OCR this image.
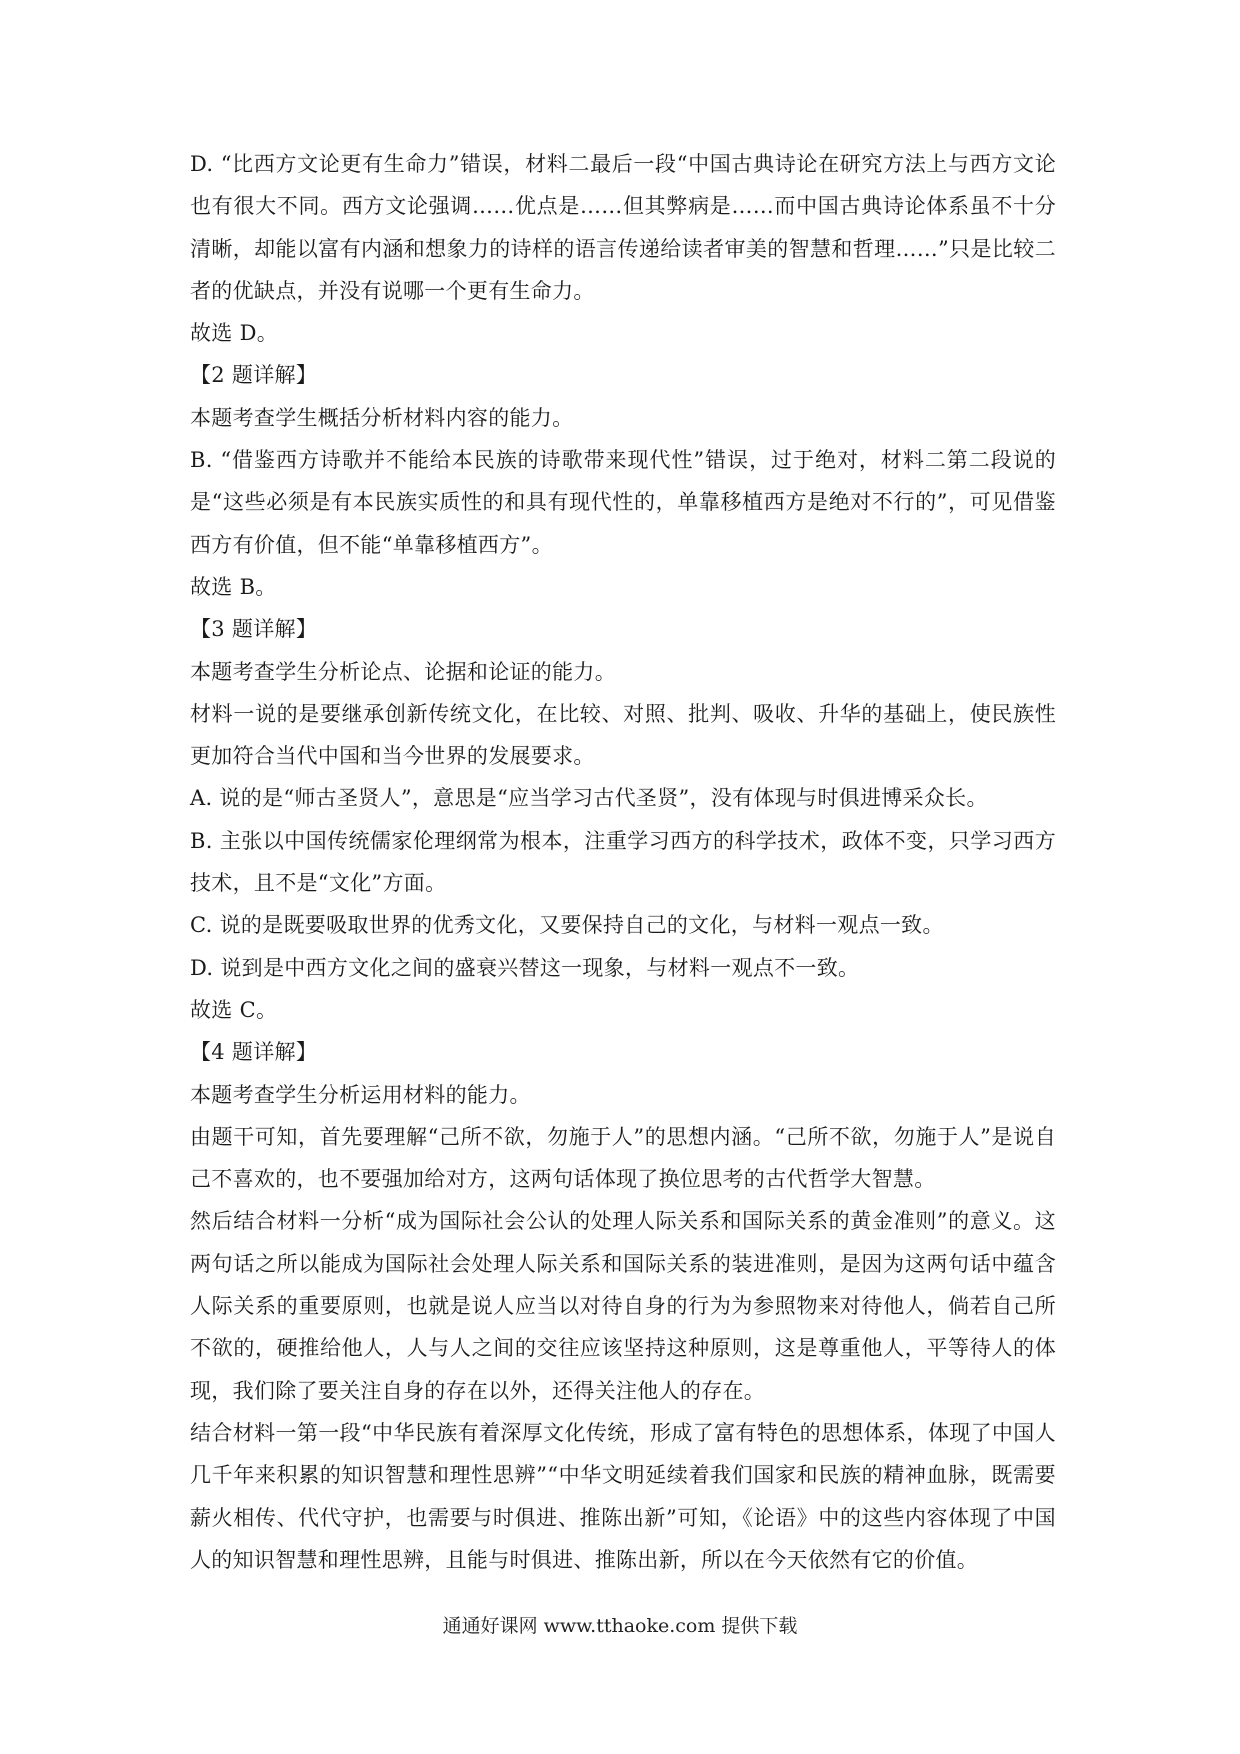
D. “比西方文论更有生命力”错误，材料二最后一段“中国古典诗论在研究方法上与西方文论也有很大不同。西方文论强调……优点是……但其弊病是……而中国古典诗论体系虽不十分清晰，却能以富有内涵和想象力的诗样的语言传递给读者审美的智慧和哲理……”只是比较二者的优缺点，并没有说哪一个更有生命力。

故选 D。

【2 题详解】

本题考查学生概括分析材料内容的能力。

B. “借鉴西方诗歌并不能给本民族的诗歌带来现代性”错误，过于绝对，材料二第二段说的是“这些必须是有本民族实质性的和具有现代性的，单靠移植西方是绝对不行的”，可见借鉴西方有价值，但不能“单靠移植西方”。

故选 B。

【3 题详解】

本题考查学生分析论点、论据和论证的能力。

材料一说的是要继承创新传统文化，在比较、对照、批判、吸收、升华的基础上，使民族性更加符合当代中国和当今世界的发展要求。

A. 说的是“师古圣贤人”，意思是“应当学习古代圣贤”，没有体现与时俱进博采众长。

B. 主张以中国传统儒家伦理纲常为根本，注重学习西方的科学技术，政体不变，只学习西方技术，且不是“文化”方面。

C. 说的是既要吸取世界的优秀文化，又要保持自己的文化，与材料一观点一致。

D. 说到是中西方文化之间的盛衰兴替这一现象，与材料一观点不一致。

故选 C。

【4 题详解】

本题考查学生分析运用材料的能力。

由题干可知，首先要理解“己所不欲，勿施于人”的思想内涵。“己所不欲，勿施于人”是说自己不喜欢的，也不要强加给对方，这两句话体现了换位思考的古代哲学大智慧。

然后结合材料一分析“成为国际社会公认的处理人际关系和国际关系的黄金准则”的意义。这两句话之所以能成为国际社会处理人际关系和国际关系的装进准则，是因为这两句话中蕴含人际关系的重要原则，也就是说人应当以对待自身的行为为参照物来对待他人，倘若自己所不欲的，硬推给他人，人与人之间的交往应该坚持这种原则，这是尊重他人，平等待人的体现，我们除了要关注自身的存在以外，还得关注他人的存在。

结合材料一第一段“中华民族有着深厚文化传统，形成了富有特色的思想体系，体现了中国人几千年来积累的知识智慧和理性思辨”“中华文明延续着我们国家和民族的精神血脉，既需要薪火相传、代代守护，也需要与时俱进、推陈出新”可知，《论语》中的这些内容体现了中国人的知识智慧和理性思辨，且能与时俱进、推陈出新，所以在今天依然有它的价值。

通通好课网 www.tthaoke.com 提供下载
